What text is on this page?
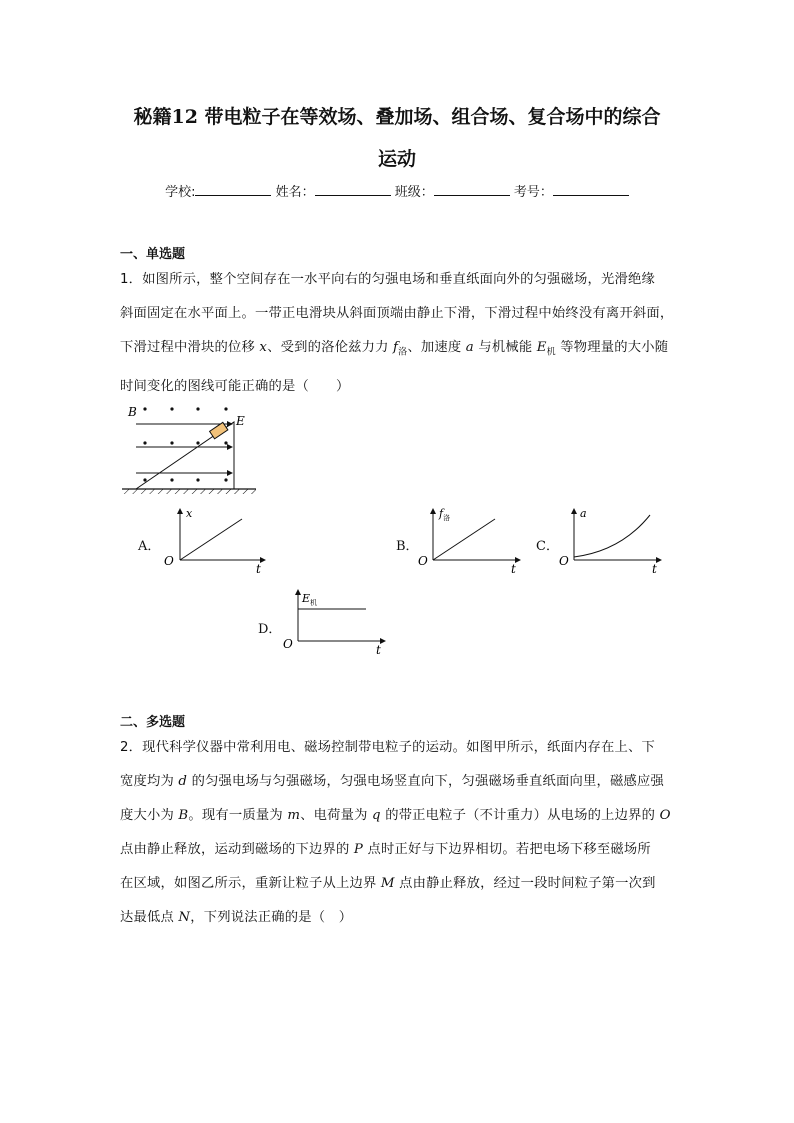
秘籍12 带电粒子在等效场、叠加场、组合场、复合场中的综合
运动
学校:	姓名：	班级：	考号：
一、单选题
1．如图所示，整个空间存在一水平向右的匀强电场和垂直纸面向外的匀强磁场，光滑绝缘
斜面固定在水平面上。一带正电滑块从斜面顶端由静止下滑，下滑过程中始终没有离开斜面，
下滑过程中滑块的位移 x、受到的洛伦兹力力 $f_洛$、加速度 a 与机械能 $E_机$ 等物理量的大小随
时间变化的图线可能正确的是（　　）
B
E
A．
x
O
t
B．
$f_洛$
O
t
C．
a
O
t
D．
$E_机$
O	t
二、多选题
2．现代科学仪器中常利用电、磁场控制带电粒子的运动。如图甲所示，纸面内存在上、下
宽度均为 d 的匀强电场与匀强磁场，匀强电场竖直向下，匀强磁场垂直纸面向里，磁感应强
度大小为 B。现有一质量为 m、电荷量为 q 的带正电粒子（不计重力）从电场的上边界的 O
点由静止释放，运动到磁场的下边界的 P 点时正好与下边界相切。若把电场下移至磁场所
在区域，如图乙所示，重新让粒子从上边界 M 点由静止释放，经过一段时间粒子第一次到
达最低点 N，下列说法正确的是（　）
